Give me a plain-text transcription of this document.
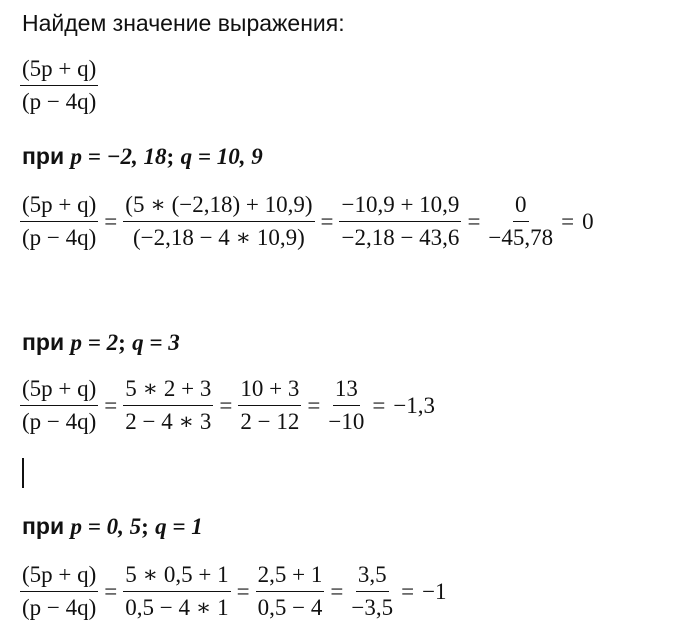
Найдем значение выражения:
$\frac{(5p + q)}{(p - 4q)}$
при p = −2, 18; q = 10, 9
$\frac{(5p + q)}{(p - 4q)} = \frac{(5 ∗ (-2,18) + 10,9)}{(-2,18 - 4 ∗ 10,9)} = \frac{-10,9 + 10,9}{-2,18 - 43,6} = \frac{0}{-45,78} = 0$
при p = 2; q = 3
$\frac{(5p + q)}{(p - 4q)} = \frac{5 ∗ 2 + 3}{2 - 4 ∗ 3} = \frac{10 + 3}{2 - 12} = \frac{13}{-10} = -1,3$
при p = 0, 5; q = 1
$\frac{(5p + q)}{(p - 4q)} = \frac{5 ∗ 0,5 + 1}{0,5 - 4 ∗ 1} = \frac{2,5 + 1}{0,5 - 4} = \frac{3,5}{-3,5} = -1$
